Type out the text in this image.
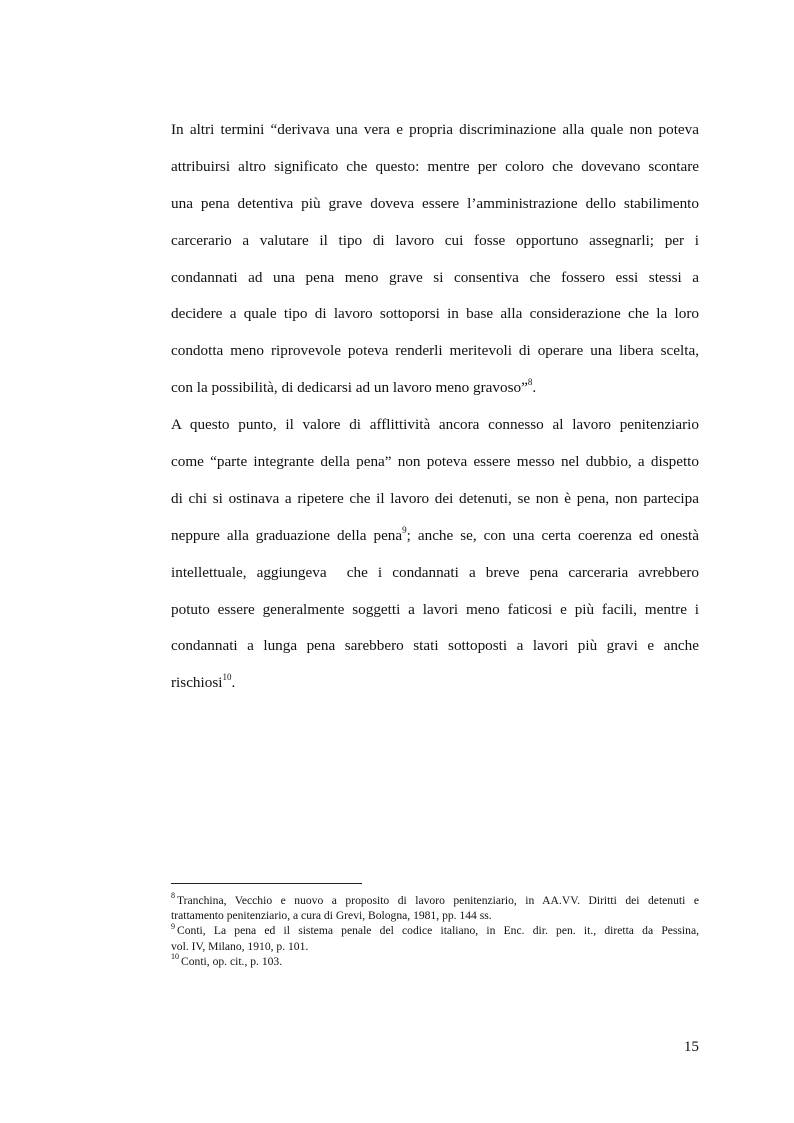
In altri termini “derivava una vera e propria discriminazione alla quale non poteva
attribuirsi altro significato che questo: mentre per coloro che dovevano scontare
una pena detentiva più grave doveva essere l’amministrazione dello stabilimento
carcerario a valutare il tipo di lavoro cui fosse opportuno assegnarli; per i
condannati ad una pena meno grave si consentiva che fossero essi stessi a
decidere a quale tipo di lavoro sottoporsi in base alla considerazione che la loro
condotta meno riprovevole poteva renderli meritevoli di operare una libera scelta,
con la possibilità, di dedicarsi ad un lavoro meno gravoso”$^8$.
A questo punto, il valore di afflittività ancora connesso al lavoro penitenziario
come “parte integrante della pena” non poteva essere messo nel dubbio, a dispetto
di chi si ostinava a ripetere che il lavoro dei detenuti, se non è pena, non partecipa
neppure alla graduazione della pena$^9$; anche se, con una certa coerenza ed onestà
intellettuale, aggiungeva  che i condannati a breve pena carceraria avrebbero
potuto essere generalmente soggetti a lavori meno faticosi e più facili, mentre i
condannati a lunga pena sarebbero stati sottoposti a lavori più gravi e anche
rischiosi$^{10}$.
$^8$ Tranchina, Vecchio e nuovo a proposito di lavoro penitenziario, in AA.VV. Diritti dei detenuti e
trattamento penitenziario, a cura di Grevi, Bologna, 1981, pp. 144 ss.
$^9$ Conti, La pena ed il sistema penale del codice italiano, in Enc. dir. pen. it., diretta da Pessina,
vol. IV, Milano, 1910, p. 101.
$^{10}$ Conti, op. cit., p. 103.
15
